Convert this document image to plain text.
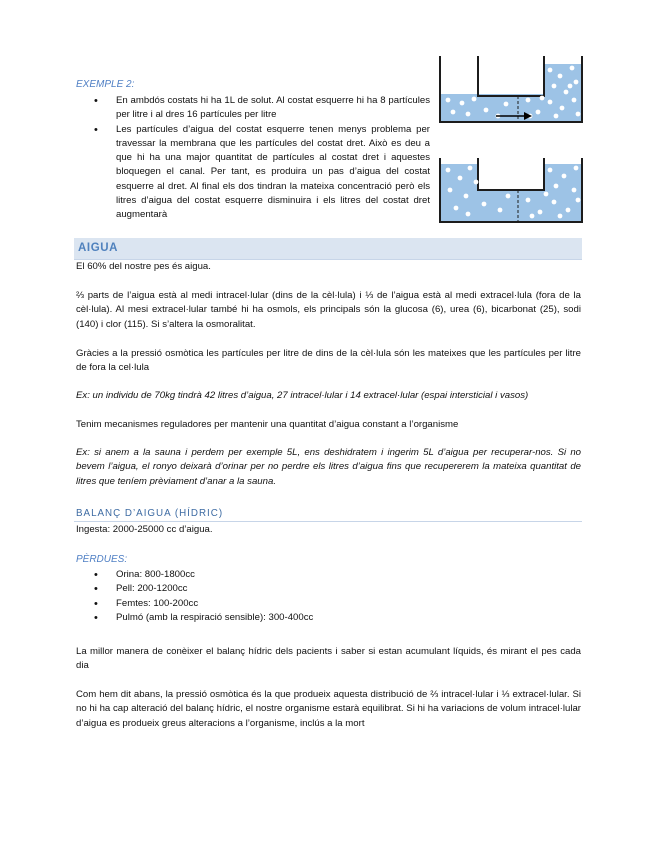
EXEMPLE 2:
• En ambdós costats hi ha 1L de solut. Al costat esquerre hi ha 8 partícules per litre i al dres 16 partícules per litre
• Les partícules d’aigua del costat esquerre tenen menys problema per travessar la membrana que les partícules del costat dret. Això es deu a que hi ha una major quantitat de partícules al costat dret i aquestes bloquegen el canal. Per tant, es produira un pas d’aigua del costat esquerre al dret. Al final els dos tindran la mateixa concentració però els litres d’aigua del costat esquerre disminuira i els litres del costat dret augmentarà
AIGUA

El 60% del nostre pes és aigua.

⅔ parts de l’aigua està al medi intracel·lular (dins de la cèl·lula) i ⅓ de l’aigua està al medi extracel·lula (fora de la cèl·lula). Al mesi extracel·lular també hi ha osmols, els principals són la glucosa (6), urea (6), bicarbonat (25), sodi (140) i clor (115). Si s’altera la osmoralitat.

Gràcies a la pressió osmòtica les partícules per litre de dins de la cèl·lula són les mateixes que les partícules per litre de fora la cel·lula

Ex: un individu de 70kg tindrà 42 litres d’aigua, 27 intracel·lular i 14 extracel·lular (espai intersticial i vasos)

Tenim mecanismes reguladores per mantenir una quantitat d’aigua constant a l’organisme

Ex: si anem a la sauna i perdem per exemple 5L, ens deshidratem i ingerim 5L d’aigua per recuperar-nos. Si no bevem l’aigua, el ronyo deixarà d’orinar per no perdre els litres d’aigua fins que recupererem la mateixa quantitat de litres que teníem prèviament d’anar a la sauna.

BALANÇ D’AIGUA (HÍDRIC)

Ingesta: 2000-25000 cc d’aigua.

PÈRDUES:
• Orina: 800-1800cc
• Pell: 200-1200cc
• Femtes: 100-200cc
• Pulmó (amb la respiració sensible): 300-400cc

La millor manera de conèixer el balanç hídric dels pacients i saber si estan acumulant líquids, és mirant el pes cada dia

Com hem dit abans, la pressió osmòtica és la que produeix aquesta distribució de ⅔ intracel·lular i ⅓ extracel·lular. Si no hi ha cap alteració del balanç hídric, el nostre organisme estarà equilibrat. Si hi ha variacions de volum intracel·lular d’aigua es produeix greus alteracions a l’organisme, inclús a la mort
